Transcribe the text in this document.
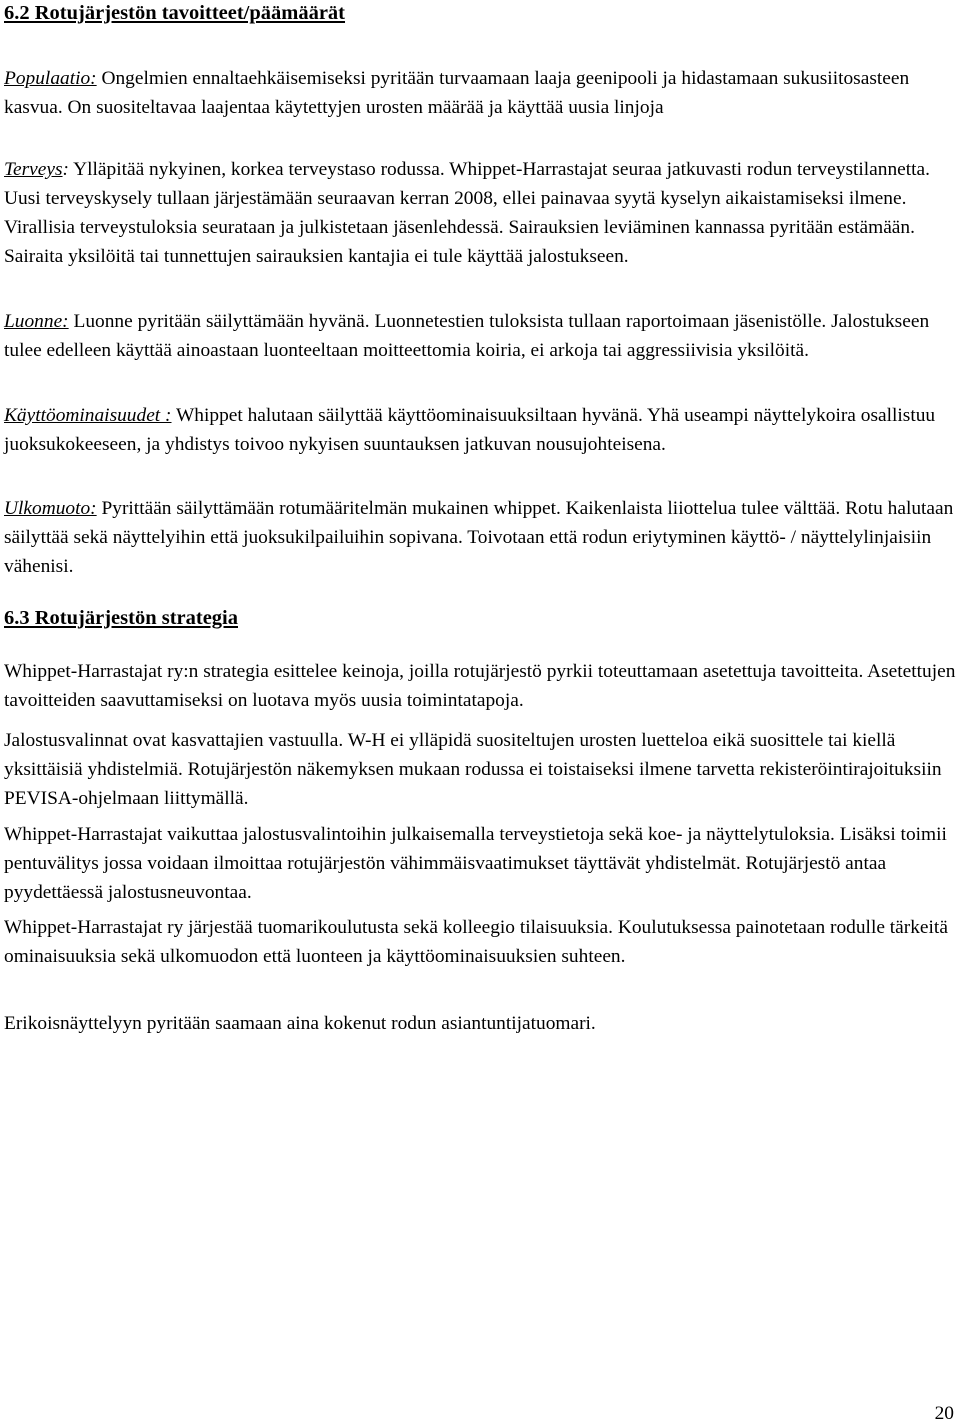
6.2 Rotujärjestön tavoitteet/päämäärät

Populaatio: Ongelmien ennaltaehkäisemiseksi pyritään turvaamaan laaja geenipooli ja hidastamaan sukusiitosasteen kasvua. On suositeltavaa laajentaa käytettyjen urosten määrää ja käyttää uusia linjoja

Terveys: Ylläpitää nykyinen, korkea terveystaso rodussa. Whippet-Harrastajat seuraa jatkuvasti rodun terveystilannetta. Uusi terveyskysely tullaan järjestämään seuraavan kerran 2008, ellei painavaa syytä kyselyn aikaistamiseksi ilmene. Virallisia terveystuloksia seurataan ja julkistetaan jäsenlehdessä. Sairauksien leviäminen kannassa pyritään estämään. Sairaita yksilöitä tai tunnettujen sairauksien kantajia ei tule käyttää jalostukseen.

Luonne: Luonne pyritään säilyttämään hyvänä. Luonnetestien tuloksista tullaan raportoimaan jäsenistölle. Jalostukseen tulee edelleen käyttää ainoastaan luonteeltaan moitteettomia koiria, ei arkoja tai aggressiivisia yksilöitä.

Käyttöominaisuudet : Whippet halutaan säilyttää käyttöominaisuuksiltaan hyvänä. Yhä useampi näyttelykoira osallistuu juoksukokeeseen, ja yhdistys toivoo nykyisen suuntauksen jatkuvan nousujohteisena.

Ulkomuoto: Pyrittään säilyttämään rotumääritelmän mukainen whippet. Kaikenlaista liiottelua tulee välttää. Rotu halutaan säilyttää sekä näyttelyihin että juoksukilpailuihin sopivana. Toivotaan että rodun eriytyminen käyttö- / näyttelylinjaisiin vähenisi.

6.3 Rotujärjestön strategia

Whippet-Harrastajat ry:n strategia esittelee keinoja, joilla rotujärjestö pyrkii toteuttamaan asetettuja tavoitteita. Asetettujen tavoitteiden saavuttamiseksi on luotava myös uusia toimintatapoja.

Jalostusvalinnat ovat kasvattajien vastuulla. W-H ei ylläpidä suositeltujen urosten luetteloa eikä suosittele tai kiellä yksittäisiä yhdistelmiä. Rotujärjestön näkemyksen mukaan rodussa ei toistaiseksi ilmene tarvetta rekisteröintirajoituksiin PEVISA-ohjelmaan liittymällä.

Whippet-Harrastajat vaikuttaa jalostusvalintoihin julkaisemalla terveystietoja sekä koe- ja näyttelytuloksia. Lisäksi toimii pentuvälitys jossa voidaan ilmoittaa rotujärjestön vähimmäisvaatimukset täyttävät yhdistelmät. Rotujärjestö antaa pyydettäessä jalostusneuvontaa.

Whippet-Harrastajat ry järjestää tuomarikoulutusta sekä kolleegio tilaisuuksia. Koulutuksessa painotetaan rodulle tärkeitä ominaisuuksia sekä ulkomuodon että luonteen ja käyttöominaisuuksien suhteen.

Erikoisnäyttelyyn pyritään saamaan aina kokenut rodun asiantuntijatuomari.

20
